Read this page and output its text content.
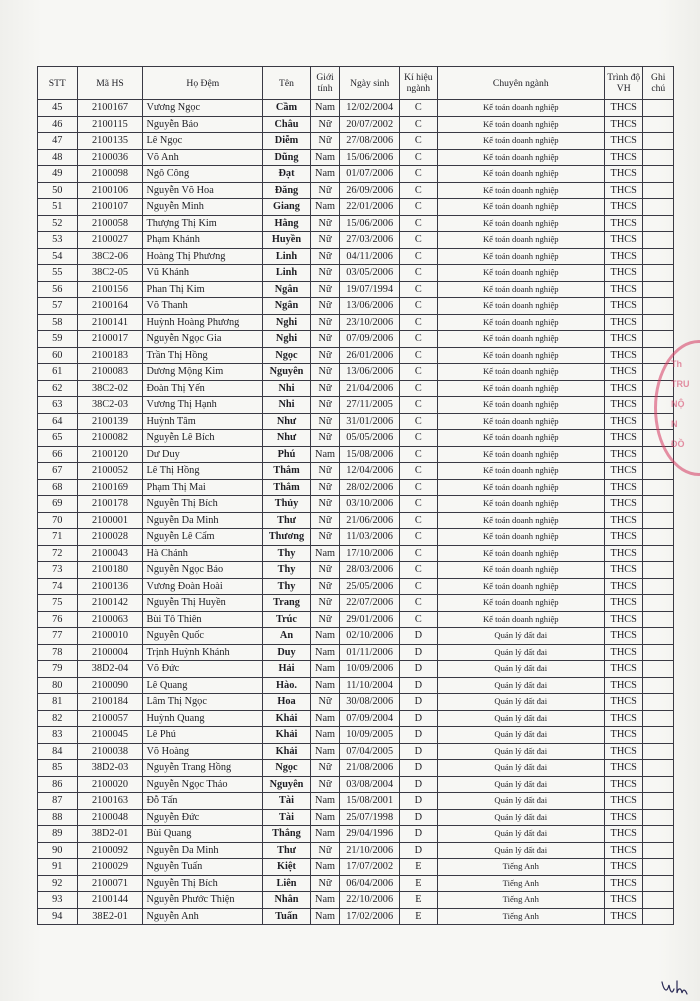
STT	Mã HS	Họ Đệm	Tên	Giới tính	Ngày sinh	Kí hiệu ngành	Chuyên ngành	Trình độ VH	Ghi chú
45	2100167	Vương Ngọc	Cầm	Nam	12/02/2004	C	Kế toán doanh nghiệp	THCS	
46	2100115	Nguyễn Bảo	Châu	Nữ	20/07/2002	C	Kế toán doanh nghiệp	THCS	
47	2100135	Lê Ngọc	Diễm	Nữ	27/08/2006	C	Kế toán doanh nghiệp	THCS	
48	2100036	Võ Anh	Dũng	Nam	15/06/2006	C	Kế toán doanh nghiệp	THCS	
49	2100098	Ngô Công	Đạt	Nam	01/07/2006	C	Kế toán doanh nghiệp	THCS	
50	2100106	Nguyễn Võ Hoa	Đăng	Nữ	26/09/2006	C	Kế toán doanh nghiệp	THCS	
51	2100107	Nguyễn Minh	Giang	Nam	22/01/2006	C	Kế toán doanh nghiệp	THCS	
52	2100058	Thượng Thị Kim	Hằng	Nữ	15/06/2006	C	Kế toán doanh nghiệp	THCS	
53	2100027	Phạm Khánh	Huyền	Nữ	27/03/2006	C	Kế toán doanh nghiệp	THCS	
54	38C2-06	Hoàng Thị Phương	Linh	Nữ	04/11/2006	C	Kế toán doanh nghiệp	THCS	
55	38C2-05	Vũ Khánh	Linh	Nữ	03/05/2006	C	Kế toán doanh nghiệp	THCS	
56	2100156	Phan Thị Kim	Ngân	Nữ	19/07/1994	C	Kế toán doanh nghiệp	THCS	
57	2100164	Võ Thanh	Ngân	Nữ	13/06/2006	C	Kế toán doanh nghiệp	THCS	
58	2100141	Huỳnh Hoàng Phương	Nghi	Nữ	23/10/2006	C	Kế toán doanh nghiệp	THCS	
59	2100017	Nguyễn Ngọc Gia	Nghi	Nữ	07/09/2006	C	Kế toán doanh nghiệp	THCS	
60	2100183	Trần Thị Hồng	Ngọc	Nữ	26/01/2006	C	Kế toán doanh nghiệp	THCS	
61	2100083	Dương Mộng Kim	Nguyên	Nữ	13/06/2006	C	Kế toán doanh nghiệp	THCS	
62	38C2-02	Đoàn Thị Yến	Nhi	Nữ	21/04/2006	C	Kế toán doanh nghiệp	THCS	
63	38C2-03	Vương Thị Hạnh	Nhi	Nữ	27/11/2005	C	Kế toán doanh nghiệp	THCS	
64	2100139	Huỳnh Tâm	Như	Nữ	31/01/2006	C	Kế toán doanh nghiệp	THCS	
65	2100082	Nguyễn Lê Bích	Như	Nữ	05/05/2006	C	Kế toán doanh nghiệp	THCS	
66	2100120	Dư Duy	Phú	Nam	15/08/2006	C	Kế toán doanh nghiệp	THCS	
67	2100052	Lê Thị Hồng	Thắm	Nữ	12/04/2006	C	Kế toán doanh nghiệp	THCS	
68	2100169	Phạm Thị Mai	Thắm	Nữ	28/02/2006	C	Kế toán doanh nghiệp	THCS	
69	2100178	Nguyễn Thị Bích	Thủy	Nữ	03/10/2006	C	Kế toán doanh nghiệp	THCS	
70	2100001	Nguyễn Da Minh	Thư	Nữ	21/06/2006	C	Kế toán doanh nghiệp	THCS	
71	2100028	Nguyễn Lê Cẩm	Thương	Nữ	11/03/2006	C	Kế toán doanh nghiệp	THCS	
72	2100043	Hà Chánh	Thy	Nam	17/10/2006	C	Kế toán doanh nghiệp	THCS	
73	2100180	Nguyễn Ngọc Bảo	Thy	Nữ	28/03/2006	C	Kế toán doanh nghiệp	THCS	
74	2100136	Vương Đoàn Hoài	Thy	Nữ	25/05/2006	C	Kế toán doanh nghiệp	THCS	
75	2100142	Nguyễn Thị Huyền	Trang	Nữ	22/07/2006	C	Kế toán doanh nghiệp	THCS	
76	2100063	Bùi Tô Thiên	Trúc	Nữ	29/01/2006	C	Kế toán doanh nghiệp	THCS	
77	2100010	Nguyễn Quốc	An	Nam	02/10/2006	D	Quản lý đất đai	THCS	
78	2100004	Trịnh Huỳnh Khánh	Duy	Nam	01/11/2006	D	Quản lý đất đai	THCS	
79	38D2-04	Võ Đức	Hải	Nam	10/09/2006	D	Quản lý đất đai	THCS	
80	2100090	Lê Quang	Hào.	Nam	11/10/2004	D	Quản lý đất đai	THCS	
81	2100184	Lâm Thị Ngọc	Hoa	Nữ	30/08/2006	D	Quản lý đất đai	THCS	
82	2100057	Huỳnh Quang	Khải	Nam	07/09/2004	D	Quản lý đất đai	THCS	
83	2100045	Lê Phú	Khải	Nam	10/09/2005	D	Quản lý đất đai	THCS	
84	2100038	Võ Hoàng	Khải	Nam	07/04/2005	D	Quản lý đất đai	THCS	
85	38D2-03	Nguyễn Trang Hồng	Ngọc	Nữ	21/08/2006	D	Quản lý đất đai	THCS	
86	2100020	Nguyễn Ngọc Thảo	Nguyên	Nữ	03/08/2004	D	Quản lý đất đai	THCS	
87	2100163	Đỗ Tấn	Tài	Nam	15/08/2001	D	Quản lý đất đai	THCS	
88	2100048	Nguyễn Đức	Tài	Nam	25/07/1998	D	Quản lý đất đai	THCS	
89	38D2-01	Bùi Quang	Thắng	Nam	29/04/1996	D	Quản lý đất đai	THCS	
90	2100092	Nguyễn Da Minh	Thư	Nữ	21/10/2006	D	Quản lý đất đai	THCS	
91	2100029	Nguyễn Tuấn	Kiệt	Nam	17/07/2002	E	Tiếng Anh	THCS	
92	2100071	Nguyễn Thị Bích	Liên	Nữ	06/04/2006	E	Tiếng Anh	THCS	
93	2100144	Nguyễn Phước Thiện	Nhân	Nam	22/10/2006	E	Tiếng Anh	THCS	
94	38E2-01	Nguyễn Anh	Tuấn	Nam	17/02/2006	E	Tiếng Anh	THCS	
Th
TRU
NỘ
N
ĐỒ
